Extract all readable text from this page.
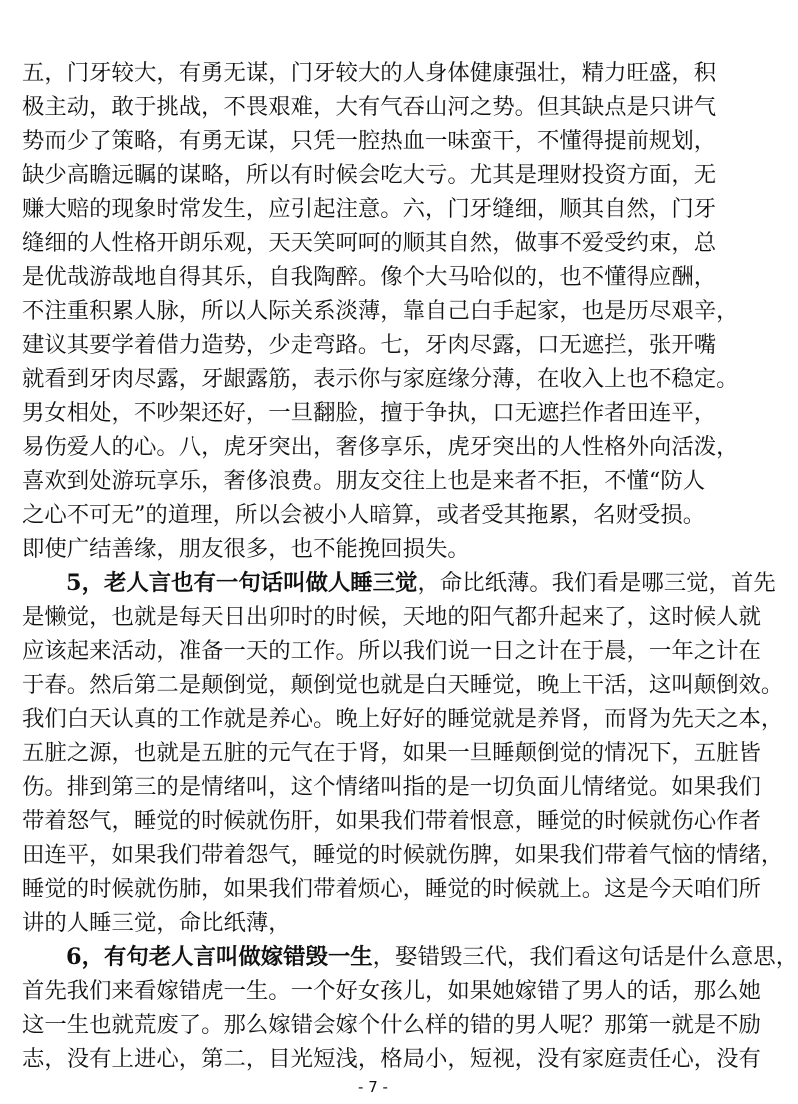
五，门牙较大，有勇无谋，门牙较大的人身体健康强壮，精力旺盛，积
极主动，敢于挑战，不畏艰难，大有气吞山河之势。但其缺点是只讲气
势而少了策略，有勇无谋，只凭一腔热血一味蛮干，不懂得提前规划，
缺少高瞻远瞩的谋略，所以有时候会吃大亏。尤其是理财投资方面，无
赚大赔的现象时常发生，应引起注意。六，门牙缝细，顺其自然，门牙
缝细的人性格开朗乐观，天天笑呵呵的顺其自然，做事不爱受约束，总
是优哉游哉地自得其乐，自我陶醉。像个大马哈似的，也不懂得应酬，
不注重积累人脉，所以人际关系淡薄，靠自己白手起家，也是历尽艰辛，
建议其要学着借力造势，少走弯路。七，牙肉尽露，口无遮拦，张开嘴
就看到牙肉尽露，牙龈露筋，表示你与家庭缘分薄，在收入上也不稳定。
男女相处，不吵架还好，一旦翻脸，擅于争执，口无遮拦作者田连平，
易伤爱人的心。八，虎牙突出，奢侈享乐，虎牙突出的人性格外向活泼，
喜欢到处游玩享乐，奢侈浪费。朋友交往上也是来者不拒，不懂“防人
之心不可无”的道理，所以会被小人暗算，或者受其拖累，名财受损。
即使广结善缘，朋友很多，也不能挽回损失。
5，老人言也有一句话叫做人睡三觉，命比纸薄。我们看是哪三觉，首先
是懒觉，也就是每天日出卯时的时候，天地的阳气都升起来了，这时候人就
应该起来活动，准备一天的工作。所以我们说一日之计在于晨，一年之计在
于春。然后第二是颠倒觉，颠倒觉也就是白天睡觉，晚上干活，这叫颠倒效。
我们白天认真的工作就是养心。晚上好好的睡觉就是养肾，而肾为先天之本，
五脏之源，也就是五脏的元气在于肾，如果一旦睡颠倒觉的情况下，五脏皆
伤。排到第三的是情绪叫，这个情绪叫指的是一切负面儿情绪觉。如果我们
带着怒气，睡觉的时候就伤肝，如果我们带着恨意，睡觉的时候就伤心作者
田连平，如果我们带着怨气，睡觉的时候就伤脾，如果我们带着气恼的情绪，
睡觉的时候就伤肺，如果我们带着烦心，睡觉的时候就上。这是今天咱们所
讲的人睡三觉，命比纸薄，
6，有句老人言叫做嫁错毁一生，娶错毁三代，我们看这句话是什么意思，
首先我们来看嫁错虎一生。一个好女孩儿，如果她嫁错了男人的话，那么她
这一生也就荒废了。那么嫁错会嫁个什么样的错的男人呢？那第一就是不励
志，没有上进心，第二，目光短浅，格局小，短视，没有家庭责任心，没有
- 7 -
